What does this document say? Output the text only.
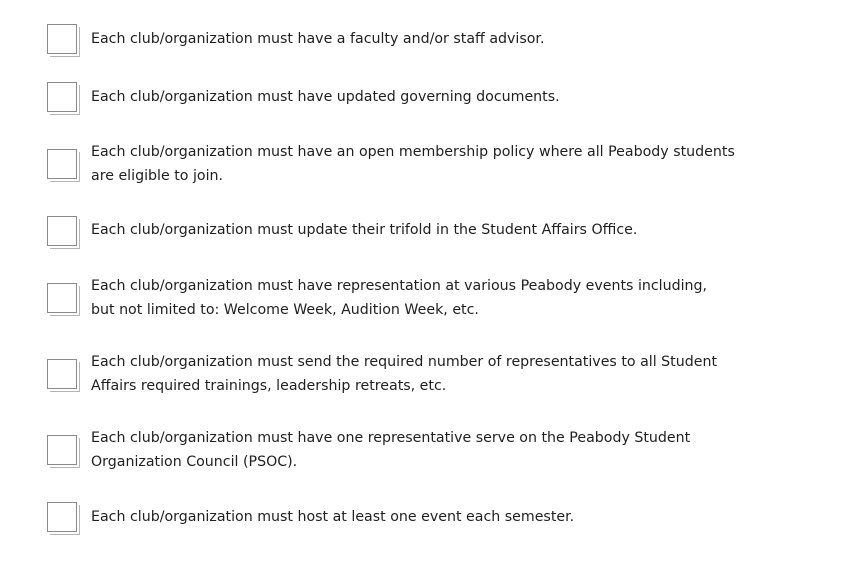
Each club/organization must have a faculty and/or staff advisor.
Each club/organization must have updated governing documents.
Each club/organization must have an open membership policy where all Peabody students
are eligible to join.
Each club/organization must update their trifold in the Student Affairs Office.
Each club/organization must have representation at various Peabody events including,
but not limited to: Welcome Week, Audition Week, etc.
Each club/organization must send the required number of representatives to all Student
Affairs required trainings, leadership retreats, etc.
Each club/organization must have one representative serve on the Peabody Student
Organization Council (PSOC).
Each club/organization must host at least one event each semester.
